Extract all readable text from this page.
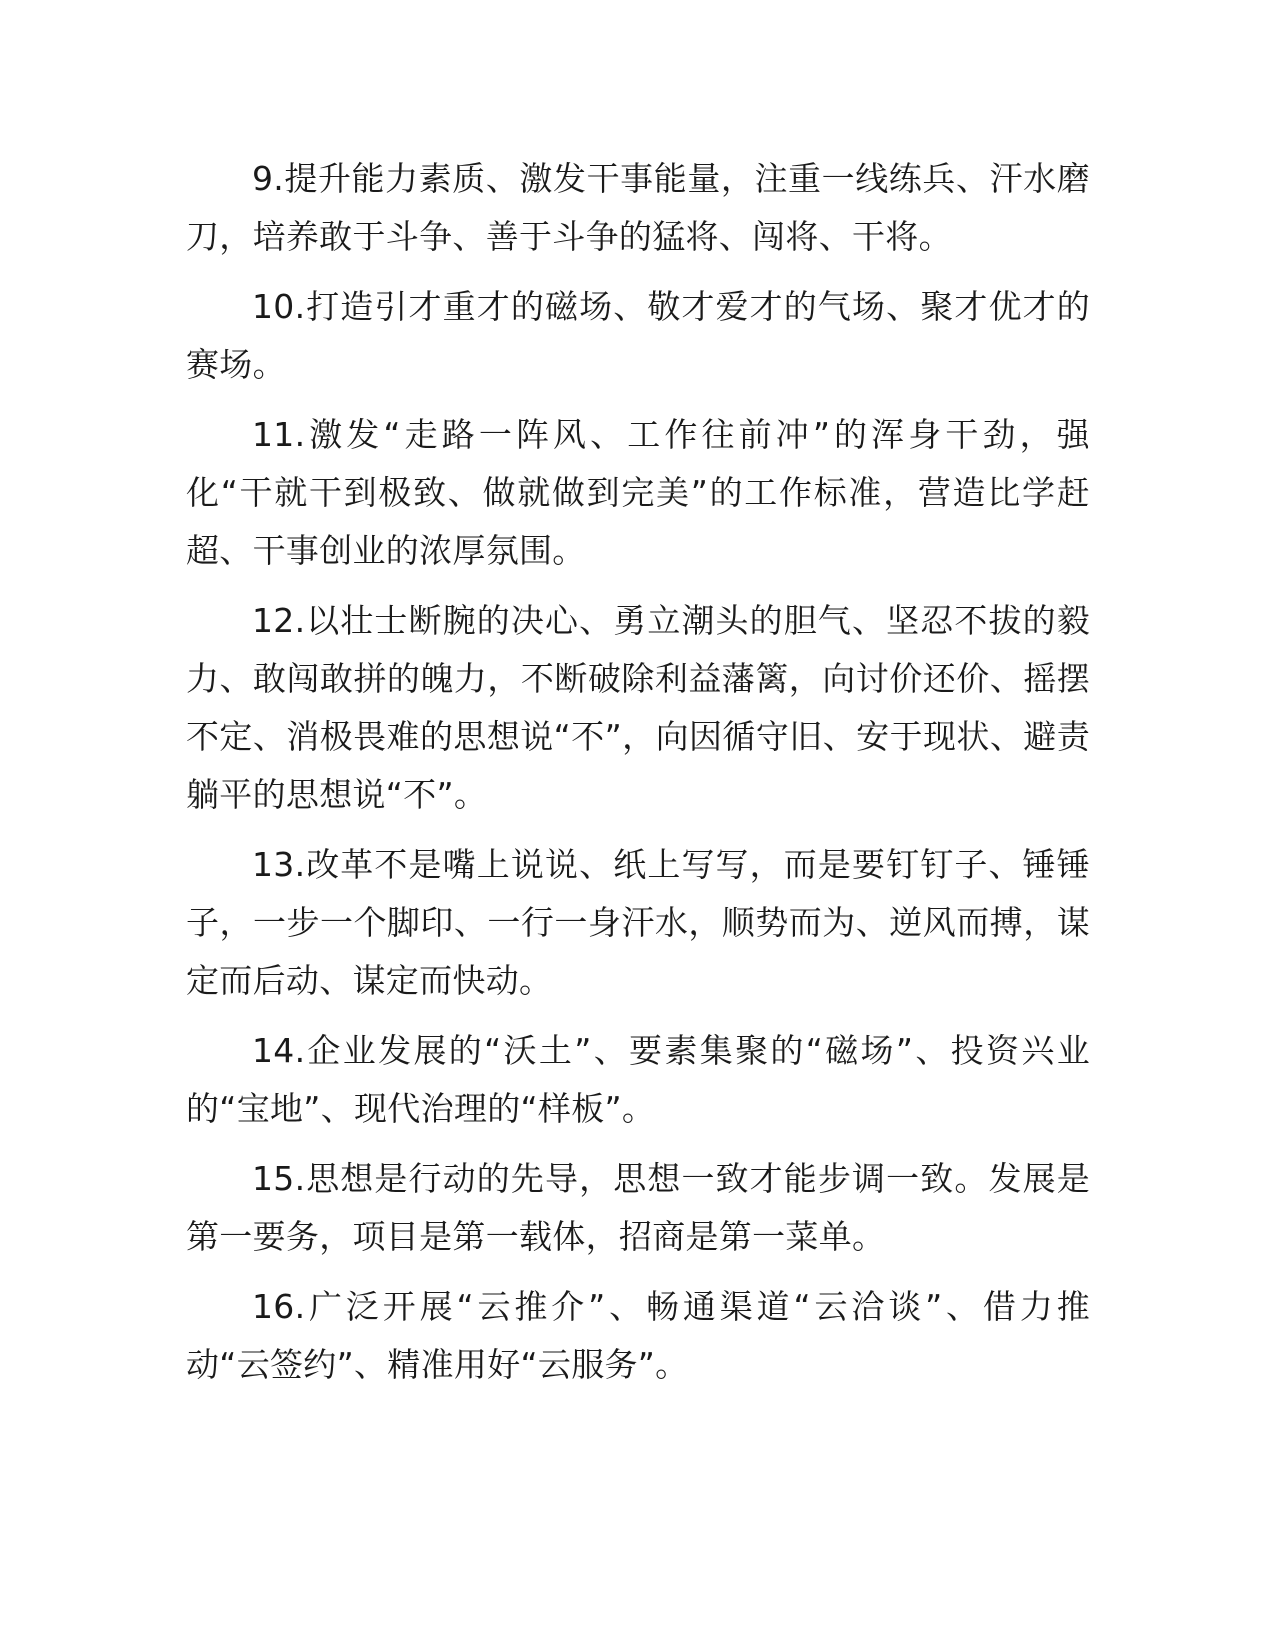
9.提升能力素质、激发干事能量，注重一线练兵、汗水磨刀，培养敢于斗争、善于斗争的猛将、闯将、干将。

10.打造引才重才的磁场、敬才爱才的气场、聚才优才的赛场。

11.激发“走路一阵风、工作往前冲”的浑身干劲，强化“干就干到极致、做就做到完美”的工作标准，营造比学赶超、干事创业的浓厚氛围。

12.以壮士断腕的决心、勇立潮头的胆气、坚忍不拔的毅力、敢闯敢拼的魄力，不断破除利益藩篱，向讨价还价、摇摆不定、消极畏难的思想说“不”，向因循守旧、安于现状、避责躺平的思想说“不”。

13.改革不是嘴上说说、纸上写写，而是要钉钉子、锤锤子，一步一个脚印、一行一身汗水，顺势而为、逆风而搏，谋定而后动、谋定而快动。

14.企业发展的“沃土”、要素集聚的“磁场”、投资兴业的“宝地”、现代治理的“样板”。

15.思想是行动的先导，思想一致才能步调一致。发展是第一要务，项目是第一载体，招商是第一菜单。

16.广泛开展“云推介”、畅通渠道“云洽谈”、借力推动“云签约”、精准用好“云服务”。
